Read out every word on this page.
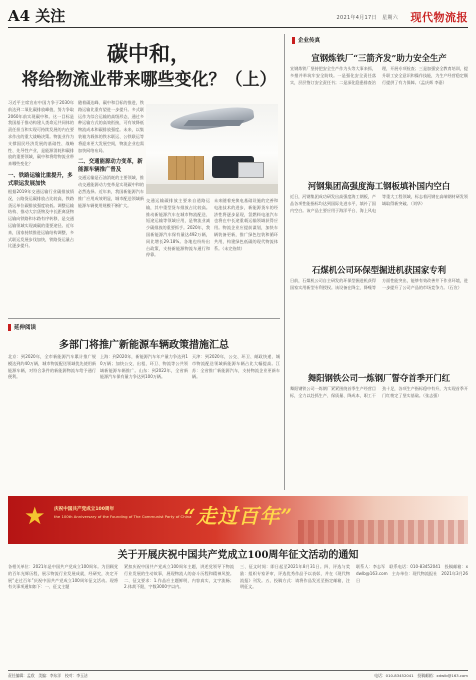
A4 关注	2021年4月17日　星期六 现代物流报
碳中和，
将给物流业带来哪些变化？（上）
习近平主席宣布中国力争于2030年前达到二氧化碳排放峰值，努力争取2060年前实现碳中和。这一目标是我国基于推动构建人类命运共同体的责任担当和实现可持续发展的内在要求作出的重大战略决策。物流业作为支撑国民经济发展的基础性、战略性、先导性产业，是能源消耗和碳排放的重要领域，碳中和将给物流业带来哪些变化？
一、铁路运输比重提升，多式联运发展加快
根据2019年交通运输行业碳排放情况，公路货运碳排放占比较高，铁路货运单位碳排放强度较低。调整运输结构、推动大宗货物及中长距离货物运输向铁路和水路有序转移，是交通运输领域实现减碳的重要途径。近年来，国家持续推进运输结构调整，多式联运发展步伐加快，铁路货运量占比逐步提升。
随着碳达峰、碳中和目标的推进，铁路运输比重有望进一步提升。多式联运作为综合运输的高级形态，通过多种运输方式的高效衔接，可有效降低物流成本和碳排放强度。未来，以集装箱为载体的铁水联运、公铁联运等将迎来更大发展空间，物流企业也需加快网络布局。
二、交通能源动力变革，新能源车辆推广普及
交通运输是石油消耗的主要领域，推动交通能源动力变革是实现碳中和的必然选择。近年来，我国新能源汽车推广应用成效明显，城市配送领域新能源车辆使用规模不断扩大。
交通运输碳排放主要来自道路运输，其中重型货车排放占比较高。推动新能源汽车在城市物流配送、短途运输等领域应用，是物流业减少碳排放的重要抓手。2020年，我国新能源汽车保有量达492万辆，同比增长29.18%。各地也纷纷出台政策，支持新能源物流车通行和停靠。
未来随着充换电基础设施的完善和电池技术的进步，新能源货车的经济性将逐步显现，氢燃料电池汽车也将在中长途重载运输领域获得应用。物流企业应提前谋划，加快车辆装备更新，推广绿色包装和循环共用，构建绿色低碳的现代物流体系。（未完待续）
延伸阅读
多部门将推广新能源车辆政策措施汇总
北京：到2020年，全市新能源汽车累计推广规模达到约40万辆，城市物流配送领域优先使用新能源车辆，对符合条件的新能源物流车给予通行便利。
上海：到2020年，新能源汽车年产量力争达到10万辆；加快公交、出租、环卫、物流等公共领域新能源车辆推广。山东：到2022年，全省新能源汽车保有量力争达到100万辆。
天津：到2020年，公交、环卫、邮政快递、城市物流配送领域新能源车辆占比大幅提高。江苏：全省推广新能源汽车，支持物流企业更新车辆。
企业传真
宣钢炼铁厂“三箭齐发”助力安全生产
宣钢炼铁厂坚持把安全生产作为头等大事来抓，多措并举筑牢安全防线。一是强化安全责任落实，层层签订安全责任书；二是深化隐患排查治理，开展专项检查；三是加强安全教育培训，提升职工安全意识和操作技能，为生产经营稳定顺行提供了有力保障。（孟庆辉 李嘉）
河钢集团高强度海工钢板填补国内空白
近日，河钢集团成功研发出高强度海工钢板，产品各项性能指标均达到国际先进水平，填补了国内空白。该产品主要应用于海洋平台、海上风电等重大工程领域，标志着河钢在高端钢材研发领域取得新突破。（刘华）
石煤机公司环保型掘进机获国家专利
日前，石煤机公司自主研发的环保型掘进机获得国家实用新型专利授权。该设备在降尘、降噪等方面性能突出，能够有效改善井下作业环境，进一步提升了公司产品的市场竞争力。（石宣）
舞阳钢铁公司一炼钢厂誓夺首季开门红
舞阳钢铁公司一炼钢厂紧紧围绕首季生产经营目标，全力以赴抓生产、保质量、降成本，职工干劲十足，各项生产指标稳中有升，为实现首季开门红奠定了坚实基础。（张志强）
★ 庆祝中国共产党成立100周年
the 100th Anniversary of the Founding of The Communist Party of China
“走过百年”
关于开展庆祝中国共产党成立100周年征文活动的通知
各相关单位：2021年是中国共产党成立100周年。为回顾党的百年光辉历程，展示物流行业发展成就，经研究，决定开展“走过百年”庆祝中国共产党成立100周年征文活动。现将有关事项通知如下：一、征文主题
紧扣庆祝中国共产党成立100周年主题，讲述党领导下物流行业发展的生动故事，展现物流人的奋斗历程和精神风貌。二、征文要求：1.作品应主题鲜明，内容真实，文字流畅；2.体裁不限，字数3000字以内。
三、征文时间：即日起至2021年8月31日。四、评选与奖励：组织专家评审，评选优秀作品予以表彰，并在《现代物流报》刊发。五、投稿方式：请将作品发送至指定邮箱，注明征文。
联系人：李志军　联系电话：010-83452041　投稿邮箱：xdwlb@163.com　主办单位：现代物流报社　2021年3月26日
责任编辑：孟欣　美编：李东洋　校对：李玉洁	电话：010-83452041　投稿邮箱：xdwlb@163.com
